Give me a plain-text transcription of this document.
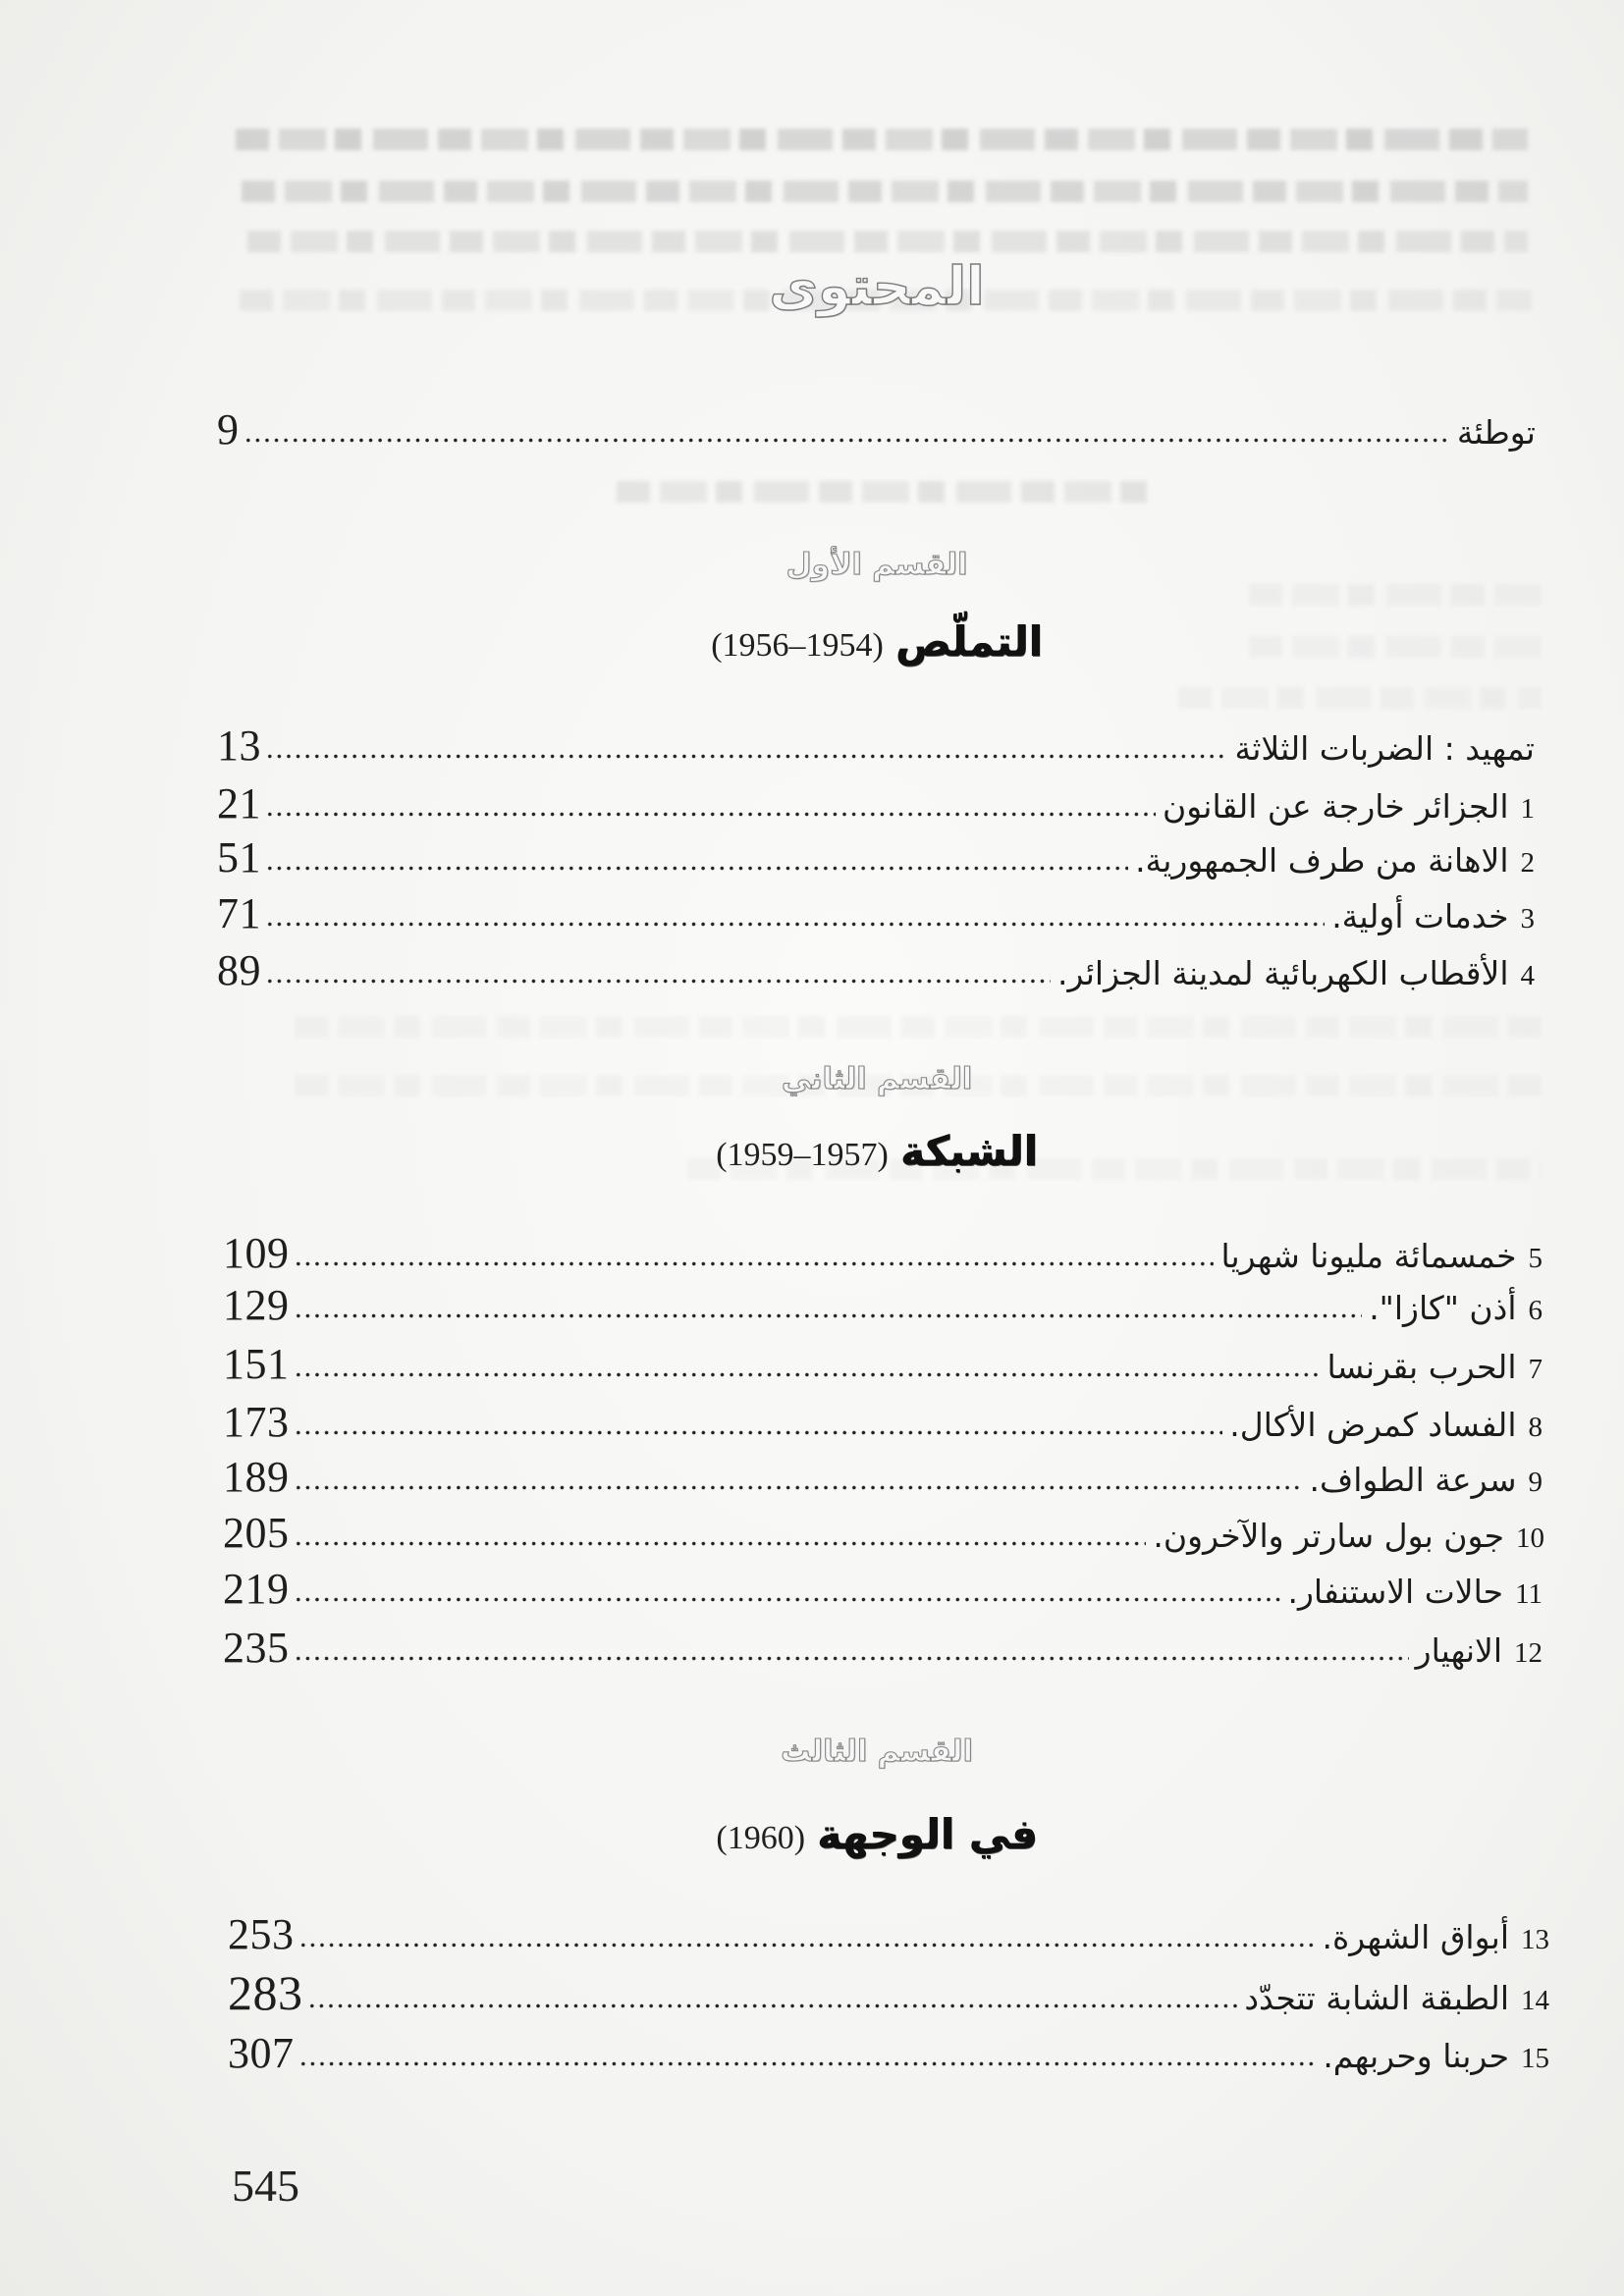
المحتوى
توطئة
9
القسم الأول
التملّص(1954–1956)
تمهيد : الضربات الثلاثة
13
1الجزائر خارجة عن القانون
21
2الاهانة من طرف الجمهورية.
51
3خدمات أولية.
71
4الأقطاب الكهربائية لمدينة الجزائر.
89
القسم الثاني
الشبكة(1957–1959)
5خمسمائة مليونا شهريا
109
6أذن "كازا".
129
7الحرب بقرنسا
151
8الفساد كمرض الأكال.
173
9سرعة الطواف.
189
10جون بول سارتر والآخرون.
205
11حالات الاستنفار.
219
12الانهيار
235
القسم الثالث
في الوجهة(1960)
13أبواق الشهرة.
253
14الطبقة الشابة تتجدّد
283
15حربنا وحربهم.
307
545
